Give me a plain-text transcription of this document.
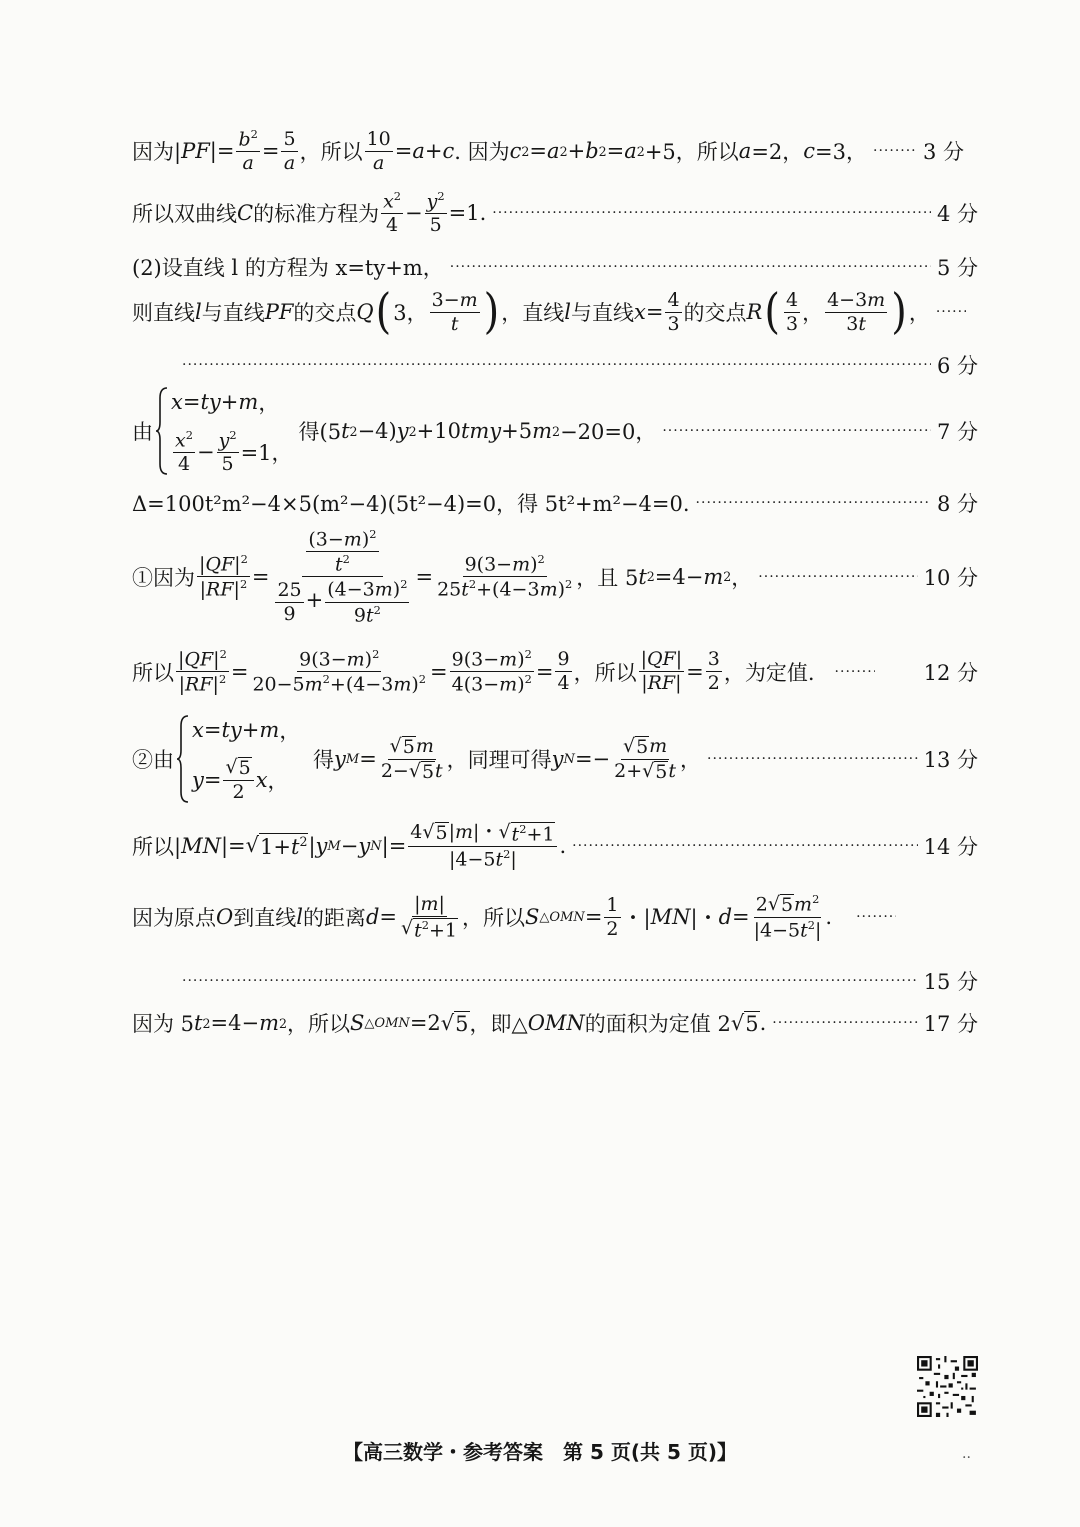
因为| PF |= $\frac{b^2}{a} = \frac{5}{a}$ ，所以 $\frac{10}{a} = a + c$ . 因为 c 2 = a 2 + b 2 = a 2 +5，所以 a =2， c =3， ·····	3 分
所以双曲线 C 的标准方程为 $\frac{x^2}{4} - \frac{y^2}{5} =1$. ·····	4 分
(2)设直线 l 的方程为 x=ty+m， ·····	5 分
则直线 l 与直线 PF 的交点 Q ( 3， $\frac{3-m}{t}$ ) ，直线 l 与直线 $x = \frac{4}{3}$ 的交点 R ( $\frac{4}{3}$ ， $\frac{4-3m}{3t}$ ) ，
·····
·····
6 分
由
x = t y + m ，
$\frac{x^2}{4} - \frac{y^2}{5} =1$，
得(5 t 2 −4) y 2 +10 tmy +5 m 2 −20=0， ·····	7 分
Δ=100t²m²−4×5(m²−4)(5t²−4)=0，得 5t²+m²−4=0. ·····	8 分
①因为 $\frac{|QF|^2}{|RF|^2} = \frac{\frac{(3-m)^2}{t^2}}{\frac{25}{9} + \frac{(4-3m)^2}{9t^2}} = \frac{9(3-m)^2}{25t^2+(4-3m)^2}$ ，且 5 t 2 =4− m 2 ， ·····	10 分
所以 $\frac{|QF|^2}{|RF|^2} = \frac{9(3-m)^2}{20-5m^2+(4-3m)^2} = \frac{9(3-m)^2}{4(3-m)^2} = \frac{9}{4}$ ，所以 $\frac{|QF|}{|RF|} = \frac{3}{2}$ ，为定值. ·····	12 分
②由
x = t y + m ，
$y = \frac{√ 5}{2}$ x ，
得 y $M = \frac{√ 5 m}{2-√ 5 t}$ ，同理可得 y $N =- \frac{√ 5 m}{2+√ 5 t}$ ， ·····	13 分
所以| MN |= √ $1+t^2$ | y M − y N |= $\frac{4√ 5 |m|・√ t^2+1}{|4-5t^2|}$ . ·····	14 分
因为原点 O 到直线 l 的距离 $d = \frac{|m|}{√ t^2+1}$ ，所以 S △OMN = $\frac{1}{2}$ ・| MN |・ $d = \frac{2√ 5 m^2}{|4-5t^2|}$ .
·····
·····
15 分
因为 5 t 2 =4− m 2 ，所以 S △OMN =2 √ 5 ，即△ OMN 的面积为定值 2 √ 5 . ·····	17 分
【高三数学・参考答案　第 5 页(共 5 页)】	..
